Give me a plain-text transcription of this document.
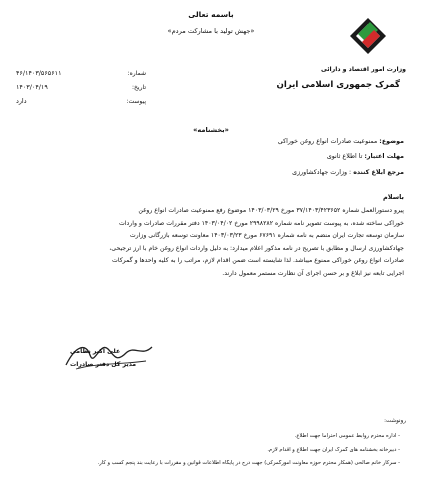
باسمه تعالی
«جهش تولید با مشارکت مردم»
وزارت امور اقتصاد و دارائی
گمرک جمهوری اسلامی ایران
شماره:
۴۶/۱۴۰۳/۵۶۵۶۱۱
تاریخ:
۱۴۰۳/۰۴/۱۹
پیوست:
دارد
«بخشنامه»
موضوع: ممنوعیت صادرات انواع روغن خوراکی
مهلت اعتبار: تا اطلاع ثانوی
مرجع ابلاغ کننده : وزارت جهادکشاورزی
باسلام

پیرو دستورالعمل شماره ۳۷/۱۴۰۳/۴۲۳۶۵۲ مورخ ۱۴۰۳/۰۳/۲۹ موضوع رفع ممنوعیت صادرات انواع روغن

خوراکی ساخته شده، به پیوست تصویر نامه شماره ۲۹۹۸۲۸۲ مورخ ۱۴۰۳/۰۴/۰۲ دفتر مقررات صادرات و واردات

سازمان توسعه تجارت ایران منضم به نامه شماره ۶۷۶۹۱ مورخ ۱۴۰۳/۰۳/۲۳ معاونت توسعه بازرگانی وزارت

جهادکشاورزی ارسال و مطابق با تصریح در نامه مذکور اعلام میدارد: به دلیل واردات انواع روغن خام با ارز ترجیحی،

صادرات انواع روغن خوراکی ممنوع میباشد. لذا شایسته است ضمن اقدام لازم، مراتب را به کلیه واحدها و گمرکات

اجرایی تابعه نیز ابلاغ و بر حسن اجرای آن نظارت مستمر معمول دارند.

علی اکبر نظامی
مدیر کل دفتر صادرات
رونوشت:
- اداره محترم روابط عمومی احتراماً جهت اطلاع.
- دبیرخانه بخشنامه های گمرک ایران جهت اطلاع و اقدام لازم.
- سرکار خانم صالحی (همکار محترم حوزه معاونت امورگمرکی) جهت درج در پایگاه اطلاعات قوانین و مقررات با رعایت بند پنجم کسب و کار.
